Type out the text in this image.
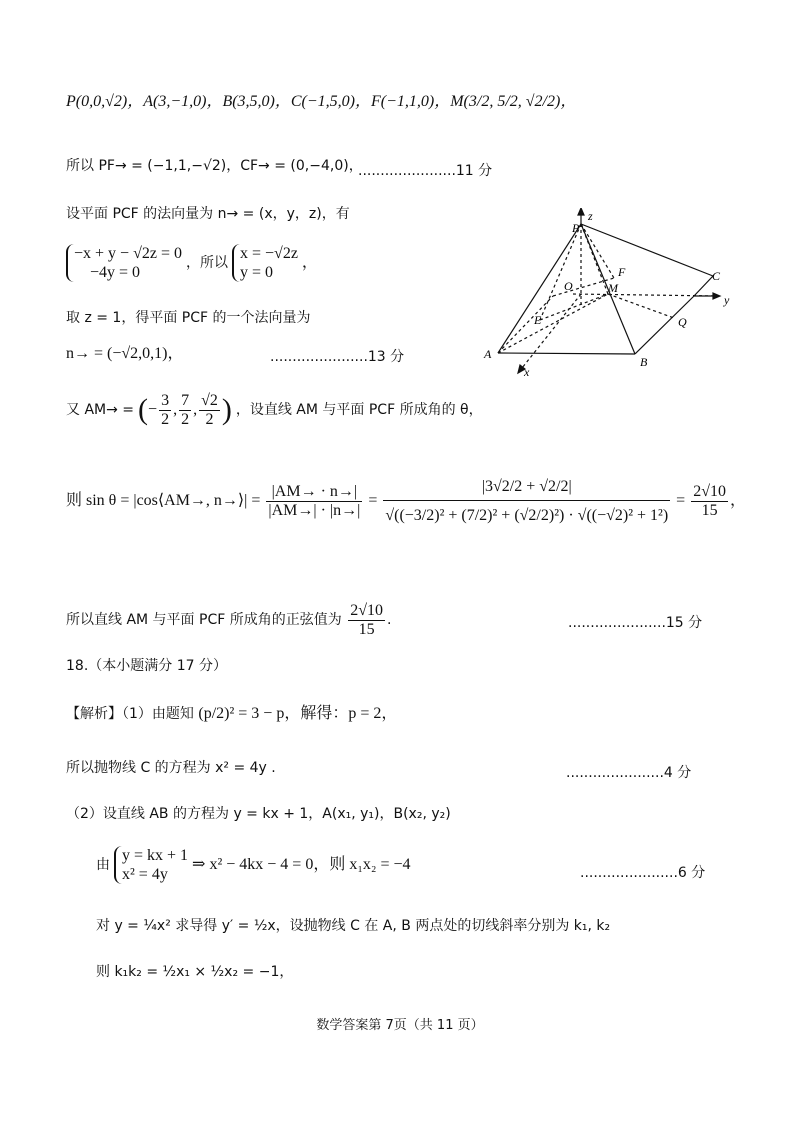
P(0,0,√2)，A(3,−1,0)，B(3,5,0)，C(−1,5,0)，F(−1,1,0)，M(3/2, 5/2, √2/2)，
所以 PF→ = (−1,1,−√2)，CF→ = (0,−4,0)，
......................11 分
设平面 PCF 的法向量为 n→ = (x，y，z)，有
−x + y − √2z = 0
−4y = 0
，所以
x = −√2z
y = 0
，
取 z = 1，得平面 PCF 的一个法向量为
n→ = (−√2,0,1)，	......................13 分
z
P
F	C
O	M
y
E	Q
A
B
x
又 AM→ = (− $\frac{3}{2}$ , $\frac{7}{2}$ , $\frac{√2}{2}$ ) ，设直线 AM 与平面 PCF 所成角的 θ，
则 sin θ = |cos⟨AM→, n→⟩| = $\frac{|AM\to \cdot n\to|}{|AM\to| \cdot |n\to|} = \frac{|3√2/2 + √2/2|}{\text{√((−3/2)² + (7/2)² + (√2/2)²) · √((−√2)² + 1²)}} = \frac{2√10}{15}$ ，
所以直线 AM 与平面 PCF 所成角的正弦值为 $\frac{2√10}{15}$ .	......................15 分
18.（本小题满分 17 分）
【解析】（1）由题知 (p/2)² = 3 − p，解得：p = 2，
所以抛物线 C 的方程为 x² = 4y .	......................4 分
（2）设直线 AB 的方程为 y = kx + 1，A(x₁, y₁)，B(x₂, y₂)
由
y = kx + 1
x² = 4y
⇒ x² − 4kx − 4 = 0，则 x₁x₂ = −4
......................6 分
对 y = ¼x² 求导得 y′ = ½x，设抛物线 C 在 A, B 两点处的切线斜率分别为 k₁, k₂
则 k₁k₂ = ½x₁ × ½x₂ = −1，
数学答案第 7页（共 11 页）
